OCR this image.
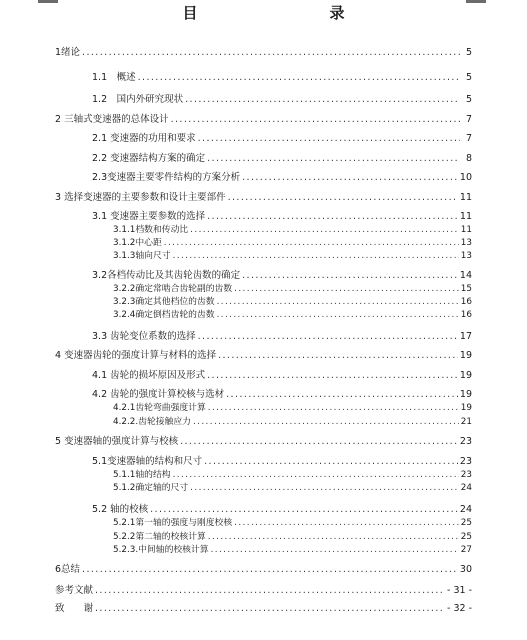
目　　录
1绪论 .....	5
1.1　概述 .....	5
1.2　国内外研究现状 .....	5
2 三轴式变速器的总体设计 .....	7
2.1 变速器的功用和要求 .....	7
2.2 变速器结构方案的确定 .....	8
2.3变速器主要零件结构的方案分析 .....	10
3 选择变速器的主要参数和设计主要部件 .....	11
3.1 变速器主要参数的选择 .....	11
3.1.1档数和传动比 .....	11
3.1.2中心距 .....	13
3.1.3轴向尺寸 .....	13
3.2各档传动比及其齿轮齿数的确定 .....	14
3.2.2确定常啮合齿轮副的齿数 .....	15
3.2.3确定其他档位的齿数 .....	16
3.2.4确定倒档齿轮的齿数 .....	16
3.3 齿轮变位系数的选择 .....	17
4 变速器齿轮的强度计算与材料的选择 .....	19
4.1 齿轮的损坏原因及形式 .....	19
4.2 齿轮的强度计算校核与选材 .....	19
4.2.1齿轮弯曲强度计算 .....	19
4.2.2.齿轮接触应力 .....	21
5 变速器轴的强度计算与校核 .....	23
5.1变速器轴的结构和尺寸 .....	23
5.1.1轴的结构 .....	23
5.1.2确定轴的尺寸 .....	24
5.2 轴的校核 .....	24
5.2.1第一轴的强度与刚度校核 .....	25
5.2.2第二轴的校核计算 .....	25
5.2.3.中间轴的校核计算 .....	27
6总结 .....	30
参考文献 .....	- 31 -
致　　谢 .....	- 32 -
